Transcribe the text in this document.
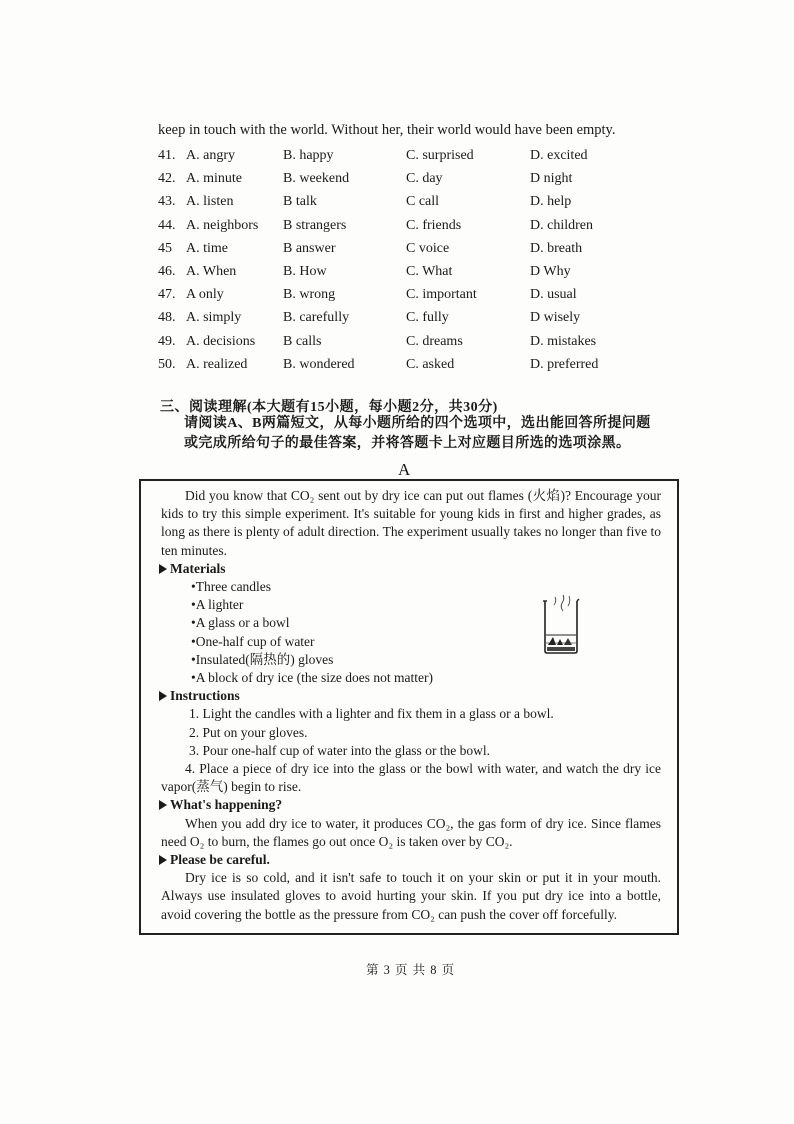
keep in touch with the world. Without her, their world would have been empty.
41. A. angry	B. happy	C. surprised	D. excited
42. A. minute	B. weekend	C. day	D night
43. A. listen	B talk	C call	D. help
44. A. neighbors B strangers	C. friends	D. children
45 A. time	B answer	C voice	D. breath
46. A. When	B. How	C. What	D Why
47. A only	B. wrong	C. important	D. usual
48. A. simply	B. carefully	C. fully	D wisely
49. A. decisions B calls	C. dreams	D. mistakes
50. A. realized	B. wondered	C. asked	D. preferred
三、阅读理解(本大题有15小题，每小题2分，共30分)
请阅读A、B两篇短文，从每小题所给的四个选项中，选出能回答所提问题或完成所给句子的最佳答案，并将答题卡上对应题目所选的选项涂黑。
A

Did you know that CO₂ sent out by dry ice can put out flames (火焰)? Encourage your kids to try this simple experiment. It's suitable for young kids in first and higher grades, as long as there is plenty of adult direction. The experiment usually takes no longer than five to ten minutes.

Materials

•Three candles
•A lighter
•A glass or a bowl
•One-half cup of water
•Insulated(隔热的) gloves
•A block of dry ice (the size does not matter)

Instructions

1. Light the candles with a lighter and fix them in a glass or a bowl.
2. Put on your gloves.
3. Pour one-half cup of water into the glass or the bowl.

4. Place a piece of dry ice into the glass or the bowl with water, and watch the dry ice vapor(蒸气) begin to rise.

What's happening?

When you add dry ice to water, it produces CO₂, the gas form of dry ice. Since flames need O₂ to burn, the flames go out once O₂ is taken over by CO₂.

Please be careful.

Dry ice is so cold, and it isn't safe to touch it on your skin or put it in your mouth. Always use insulated gloves to avoid hurting your skin. If you put dry ice into a bottle, avoid covering the bottle as the pressure from CO₂ can push the cover off forcefully.

第 3 页 共 8 页
